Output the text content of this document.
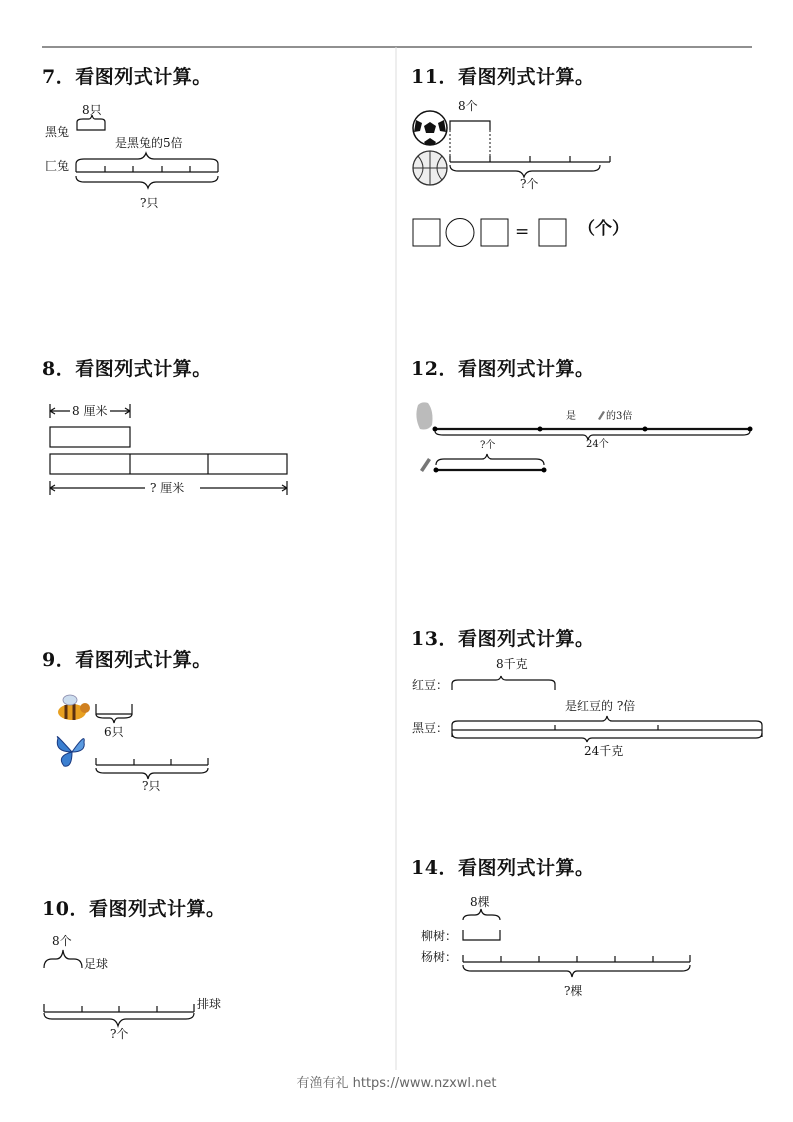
7．看图列式计算。
8．看图列式计算。
9．看图列式计算。
10．看图列式计算。
11．看图列式计算。
12．看图列式计算。
13．看图列式计算。
14．看图列式计算。
8只
黑兔
是黑兔的5倍
匚兔
?只
8 厘米
? 厘米
6只
?只
8个
足球
排球
?个
8个
?个
=	（个）
是	的3倍
24个
?个
8千克
红豆：
是红豆的 ?倍
黑豆：
24千克
8棵
柳树：
杨树：
?棵
有渔有礼 https://www.nzxwl.net
